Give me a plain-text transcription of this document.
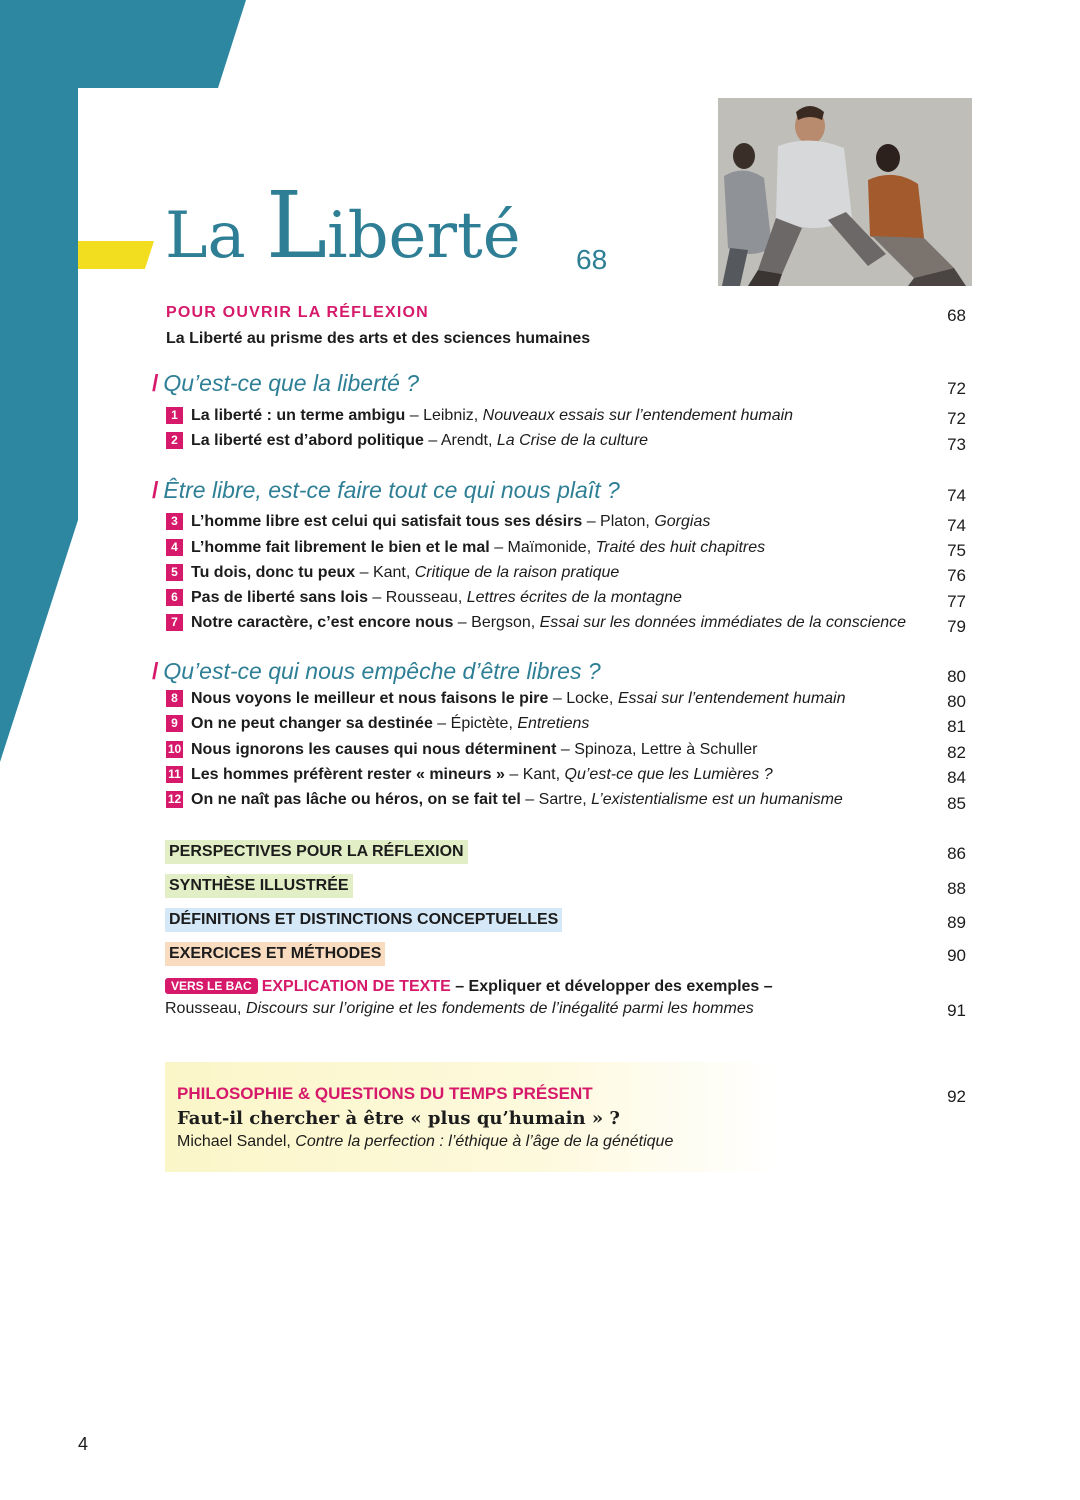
La Liberté 68
POUR OUVRIR LA RÉFLEXION
La Liberté au prisme des arts et des sciences humaines
68
/ Qu’est-ce que la liberté ?	72
1 La liberté : un terme ambigu – Leibniz, Nouveaux essais sur l’entendement humain	72
2 La liberté est d’abord politique – Arendt, La Crise de la culture	73
/ Être libre, est-ce faire tout ce qui nous plaît ?	74
3 L’homme libre est celui qui satisfait tous ses désirs – Platon, Gorgias	74
4 L’homme fait librement le bien et le mal – Maïmonide, Traité des huit chapitres	75
5 Tu dois, donc tu peux – Kant, Critique de la raison pratique	76
6 Pas de liberté sans lois – Rousseau, Lettres écrites de la montagne	77
7 Notre caractère, c’est encore nous – Bergson, Essai sur les données immédiates de la conscience 79
/ Qu’est-ce qui nous empêche d’être libres ?	80
8 Nous voyons le meilleur et nous faisons le pire – Locke, Essai sur l’entendement humain	80
9 On ne peut changer sa destinée – Épictète, Entretiens	81
10 Nous ignorons les causes qui nous déterminent – Spinoza, Lettre à Schuller	82
11 Les hommes préfèrent rester « mineurs » – Kant, Qu’est-ce que les Lumières ?	84
12 On ne naît pas lâche ou héros, on se fait tel – Sartre, L’existentialisme est un humanisme	85
PERSPECTIVES POUR LA RÉFLEXION	86
SYNTHÈSE ILLUSTRÉE	88
DÉFINITIONS ET DISTINCTIONS CONCEPTUELLES	89
EXERCICES ET MÉTHODES	90
VERS LE BAC EXPLICATION DE TEXTE – Expliquer et développer des exemples –
Rousseau, Discours sur l’origine et les fondements de l’inégalité parmi les hommes	91
PHILOSOPHIE & QUESTIONS DU TEMPS PRÉSENT
Faut-il chercher à être « plus qu’humain » ?
Michael Sandel, Contre la perfection : l’éthique à l’âge de la génétique
92
4
